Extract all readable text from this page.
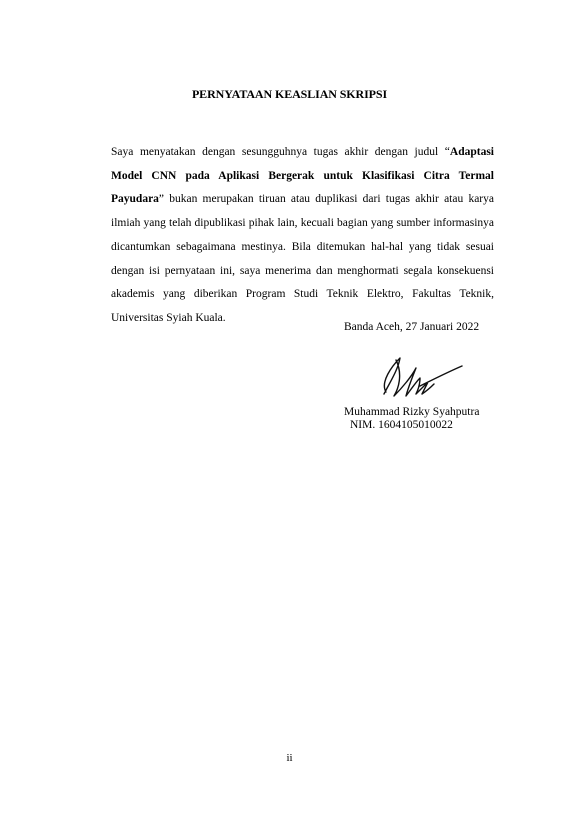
PERNYATAAN KEASLIAN SKRIPSI

Saya menyatakan dengan sesungguhnya tugas akhir dengan judul “Adaptasi Model CNN pada Aplikasi Bergerak untuk Klasifikasi Citra Termal Payudara” bukan merupakan tiruan atau duplikasi dari tugas akhir atau karya ilmiah yang telah dipublikasi pihak lain, kecuali bagian yang sumber informasinya dicantumkan sebagaimana mestinya. Bila ditemukan hal-hal yang tidak sesuai dengan isi pernyataan ini, saya menerima dan menghormati segala konsekuensi akademis yang diberikan Program Studi Teknik Elektro, Fakultas Teknik, Universitas Syiah Kuala.

Banda Aceh, 27 Januari 2022
Muhammad Rizky Syahputra
NIM. 1604105010022
ii
